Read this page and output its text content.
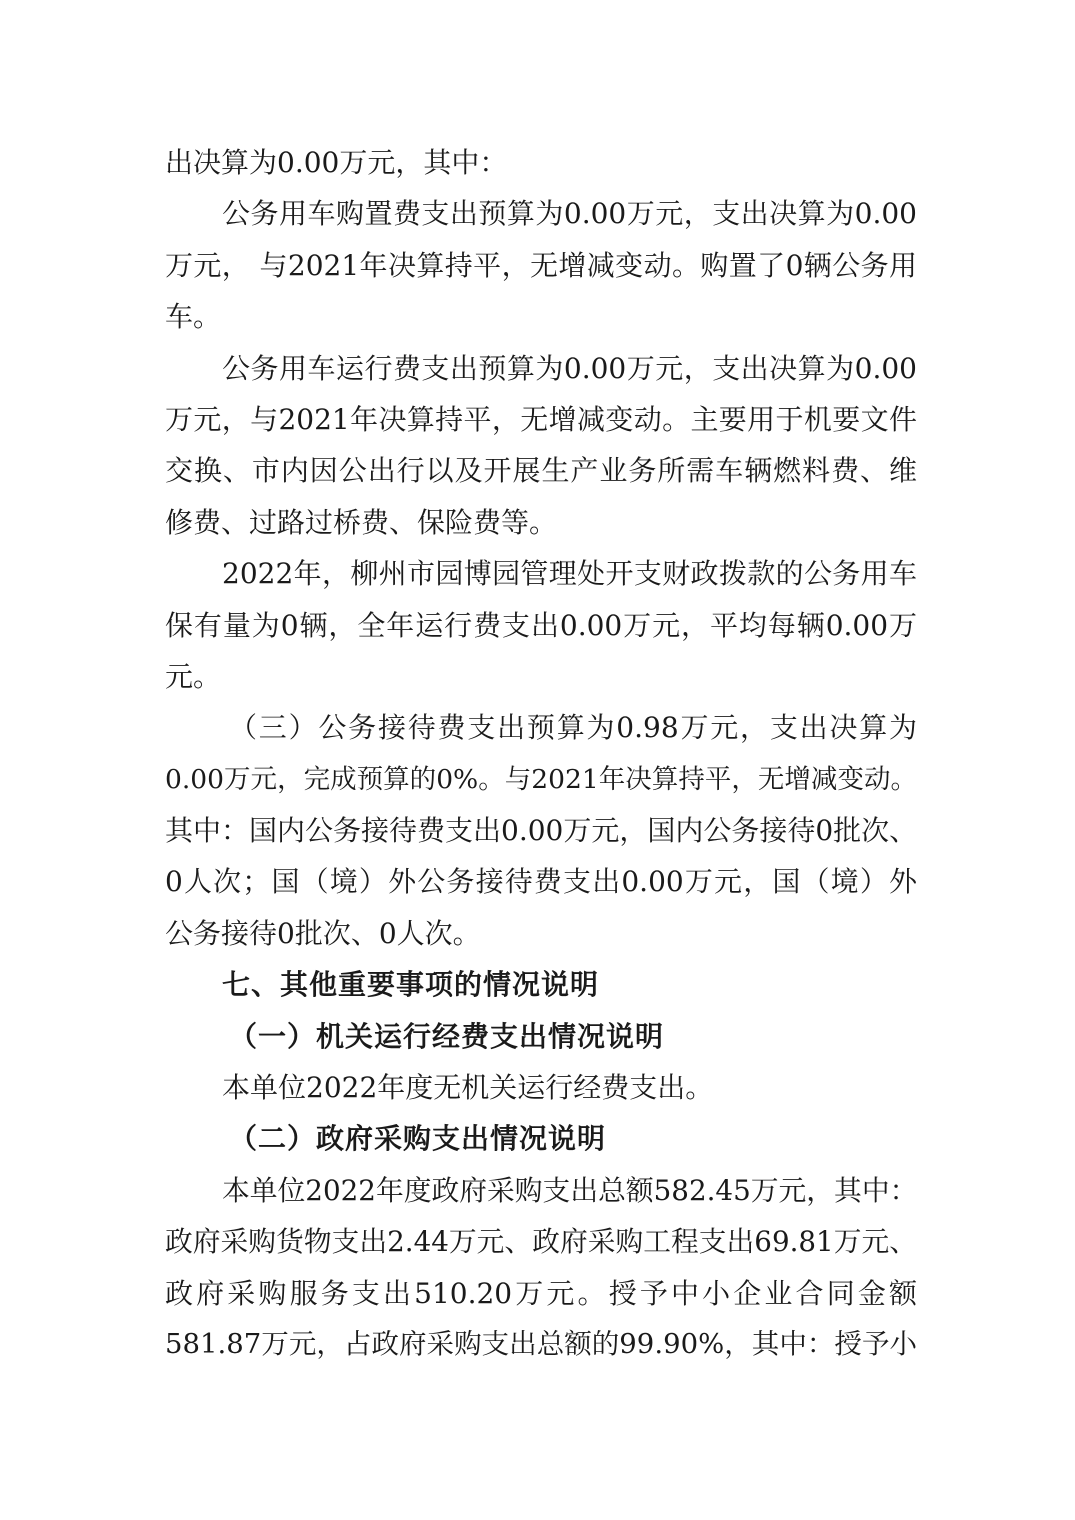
出决算为0.00万元，其中：
公务用车购置费支出预算为0.00万元，支出决算为0.00
万元， 与2021年决算持平，无增减变动。购置了0辆公务用
车。
公务用车运行费支出预算为0.00万元，支出决算为0.00
万元，与2021年决算持平，无增减变动。主要用于机要文件
交换、市内因公出行以及开展生产业务所需车辆燃料费、维
修费、过路过桥费、保险费等。
2022年，柳州市园博园管理处开支财政拨款的公务用车
保有量为0辆，全年运行费支出0.00万元，平均每辆0.00万
元。
（三）公务接待费支出预算为0.98万元，支出决算为
0.00万元，完成预算的0%。与2021年决算持平，无增减变动。
其中：国内公务接待费支出0.00万元，国内公务接待0批次、
0人次；国（境）外公务接待费支出0.00万元，国（境）外
公务接待0批次、0人次。
七、其他重要事项的情况说明
（一）机关运行经费支出情况说明
本单位2022年度无机关运行经费支出。
（二）政府采购支出情况说明
本单位2022年度政府采购支出总额582.45万元，其中：
政府采购货物支出2.44万元、政府采购工程支出69.81万元、
政府采购服务支出510.20万元。授予中小企业合同金额
581.87万元，占政府采购支出总额的99.90%，其中：授予小
